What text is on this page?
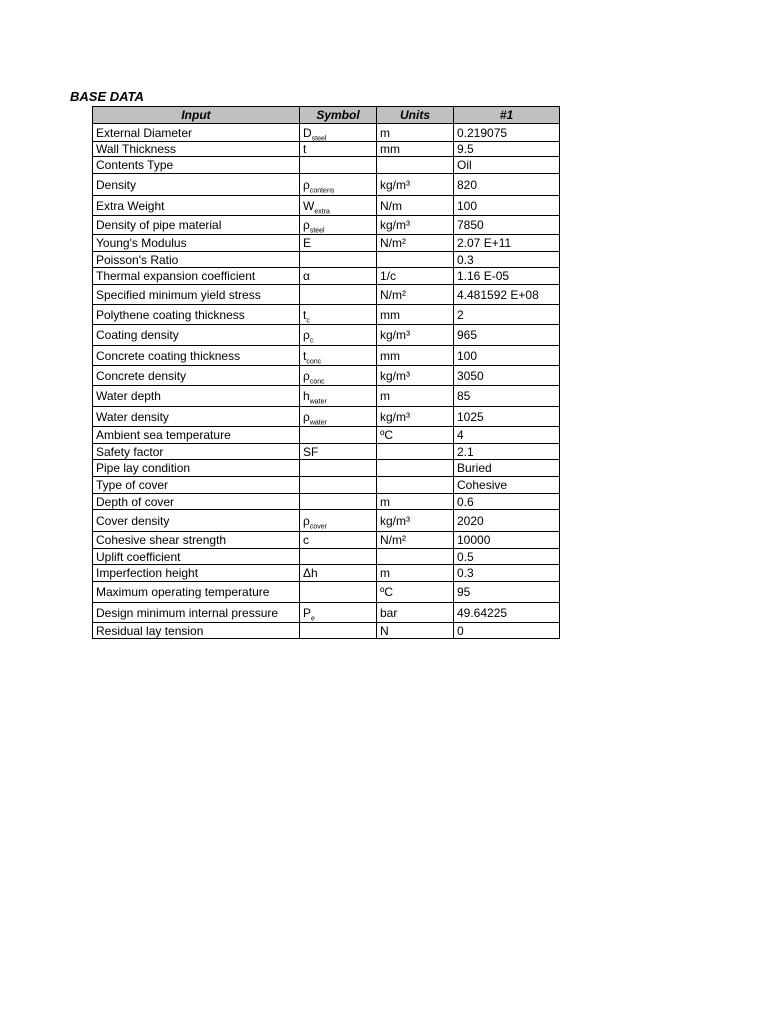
BASE DATA
Input	Symbol	Units	#1
External Diameter	$D_{steel}$	m	0.219075
Wall Thickness	t	mm	9.5
Contents Type			Oil
Density	$\rho_{contens}$	kg/m³	820
Extra Weight	$W_{extra}$	N/m	100
Density of pipe material	$\rho_{steel}$	kg/m³	7850
Young's Modulus	E	N/m²	2.07 E+11
Poisson's Ratio			0.3
Thermal expansion coefficient	α	1/c	1.16 E-05
Specified minimum yield stress		N/m²	4.481592 E+08
Polythene coating thickness	$t_c$	mm	2
Coating density	$\rho_c$	kg/m³	965
Concrete coating thickness	$t_{conc}$	mm	100
Concrete density	$\rho_{conc}$	kg/m³	3050
Water depth	$h_{water}$	m	85
Water density	$\rho_{water}$	kg/m³	1025
Ambient sea temperature		ºC	4
Safety factor	SF		2.1
Pipe lay condition			Buried
Type of cover			Cohesive
Depth of cover		m	0.6
Cover density	$\rho_{cover}$	kg/m³	2020
Cohesive shear strength	c	N/m²	10000
Uplift coefficient			0.5
Imperfection height	Δh	m	0.3
Maximum operating temperature		ºC	95
Design minimum internal pressure	$P_e$	bar	49.64225
Residual lay tension		N	0
